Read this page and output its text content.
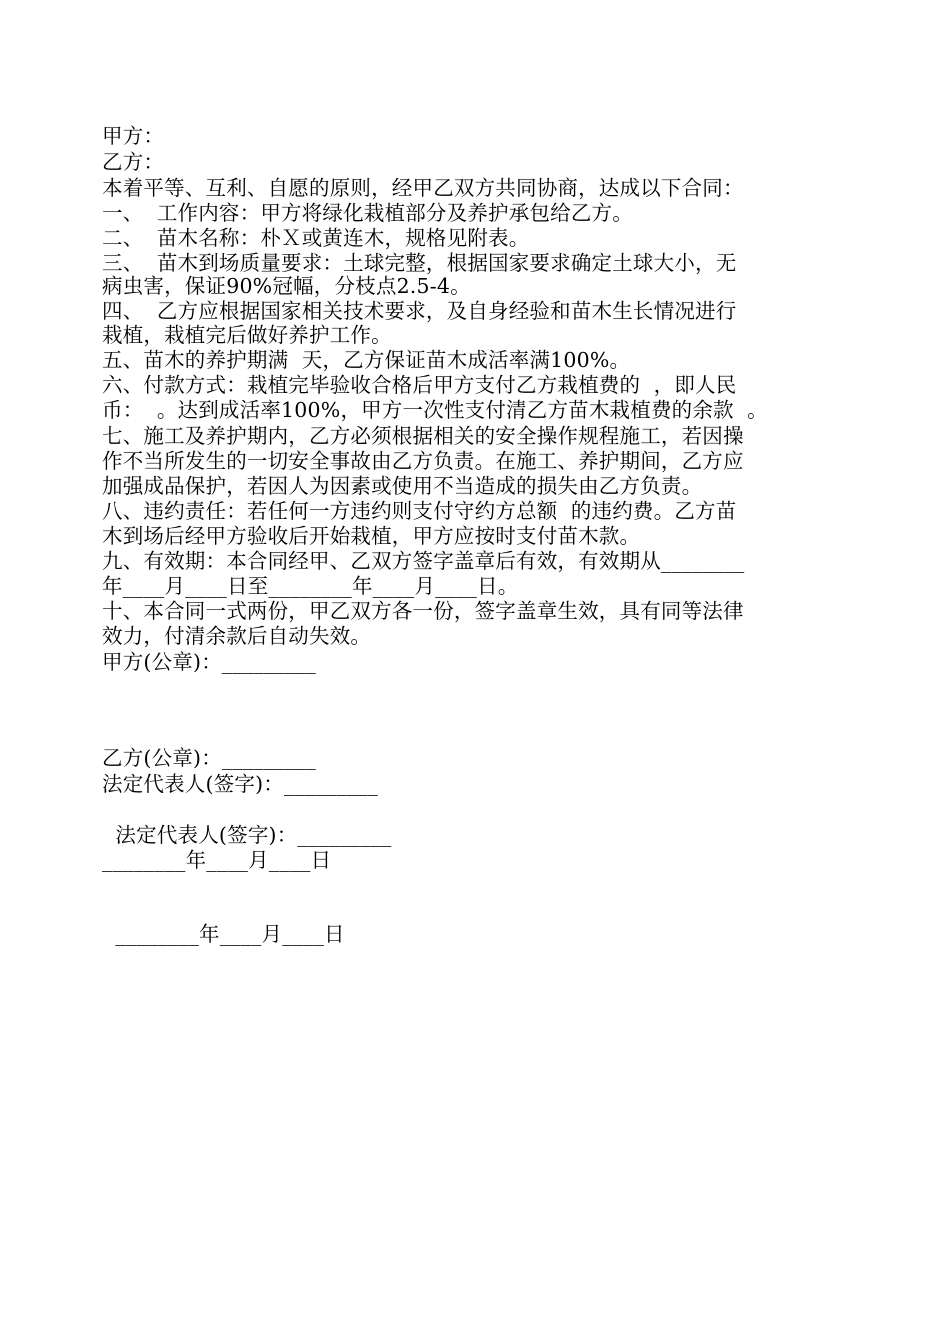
甲方：
乙方：
本着平等、互利、自愿的原则，经甲乙双方共同协商，达成以下合同：
一、  工作内容：甲方将绿化栽植部分及养护承包给乙方。
二、  苗木名称：朴Ｘ或黄连木，规格见附表。
三、  苗木到场质量要求：土球完整，根据国家要求确定土球大小，无
病虫害，保证90%冠幅，分枝点2.5-4。
四、  乙方应根据国家相关技术要求，及自身经验和苗木生长情况进行
栽植，栽植完后做好养护工作。
五、苗木的养护期满  天，乙方保证苗木成活率满100%。
六、付款方式：栽植完毕验收合格后甲方支付乙方栽植费的  ，即人民
币：  。达到成活率100%，甲方一次性支付清乙方苗木栽植费的余款  。
七、施工及养护期内，乙方必须根据相关的安全操作规程施工，若因操
作不当所发生的一切安全事故由乙方负责。在施工、养护期间，乙方应
加强成品保护，若因人为因素或使用不当造成的损失由乙方负责。
八、违约责任：若任何一方违约则支付守约方总额  的违约费。乙方苗
木到场后经甲方验收后开始栽植，甲方应按时支付苗木款。
九、有效期：本合同经甲、乙双方签字盖章后有效，有效期从________
年____月____日至________年____月____日。
十、本合同一式两份，甲乙双方各一份，签字盖章生效，具有同等法律
效力，付清余款后自动失效。
甲方(公章)：_________
乙方(公章)：_________
法定代表人(签字)：_________
法定代表人(签字)：_________
________年____月____日
________年____月____日
